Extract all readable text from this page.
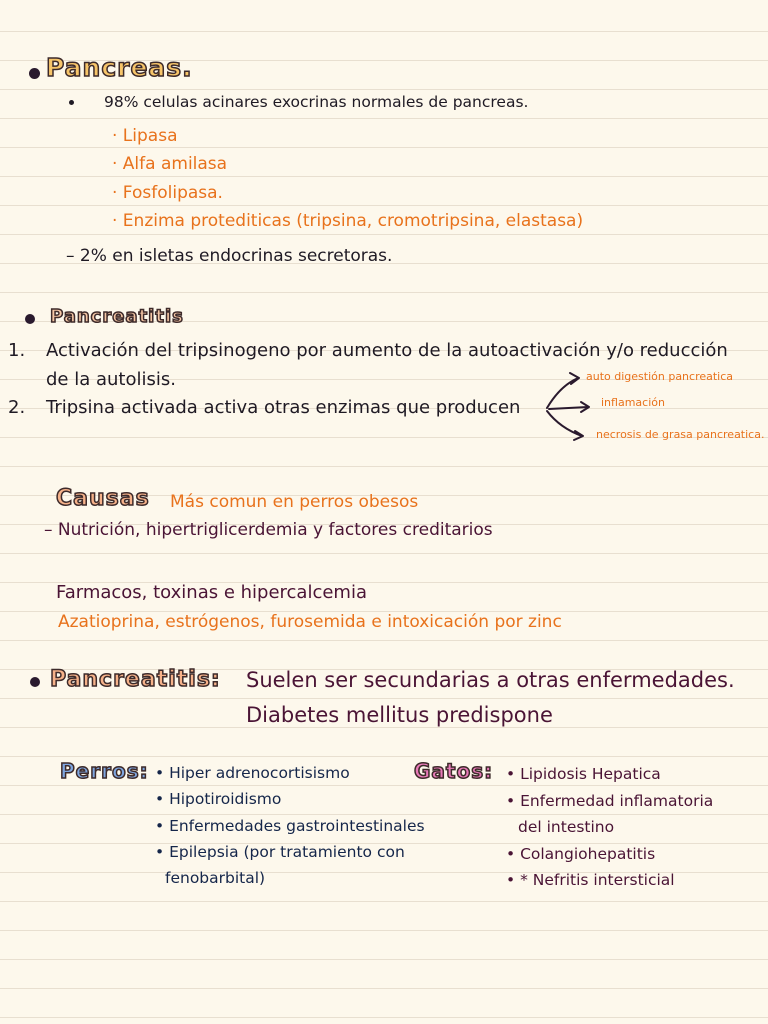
Pancreas.
98% celulas acinares exocrinas normales de pancreas.
· Lipasa
· Alfa amilasa
· Fosfolipasa.
· Enzima protediticas (tripsina, cromotripsina, elastasa)
– 2% en isletas endocrinas secretoras.
Pancreatitis
1. Activación del tripsinogeno por aumento de la autoactivación y/o reducción
de la autolisis.
2. Tripsina activada activa otras enzimas que producen
auto digestión pancreatica
inflamación
necrosis de grasa pancreatica.
Causas Más comun en perros obesos
– Nutrición, hipertriglicerdemia y factores creditarios
Farmacos, toxinas e hipercalcemia
Azatioprina, estrógenos, furosemida e intoxicación por zinc
Pancreatitis: Suelen ser secundarias a otras enfermedades.
Diabetes mellitus predispone
Perros: • Hiper adrenocortisismo
• Hipotiroidismo
• Enfermedades gastrointestinales
• Epilepsia (por tratamiento con
fenobarbital)
Gatos: • Lipidosis Hepatica
• Enfermedad inflamatoria
del intestino
• Colangiohepatitis
• * Nefritis intersticial
